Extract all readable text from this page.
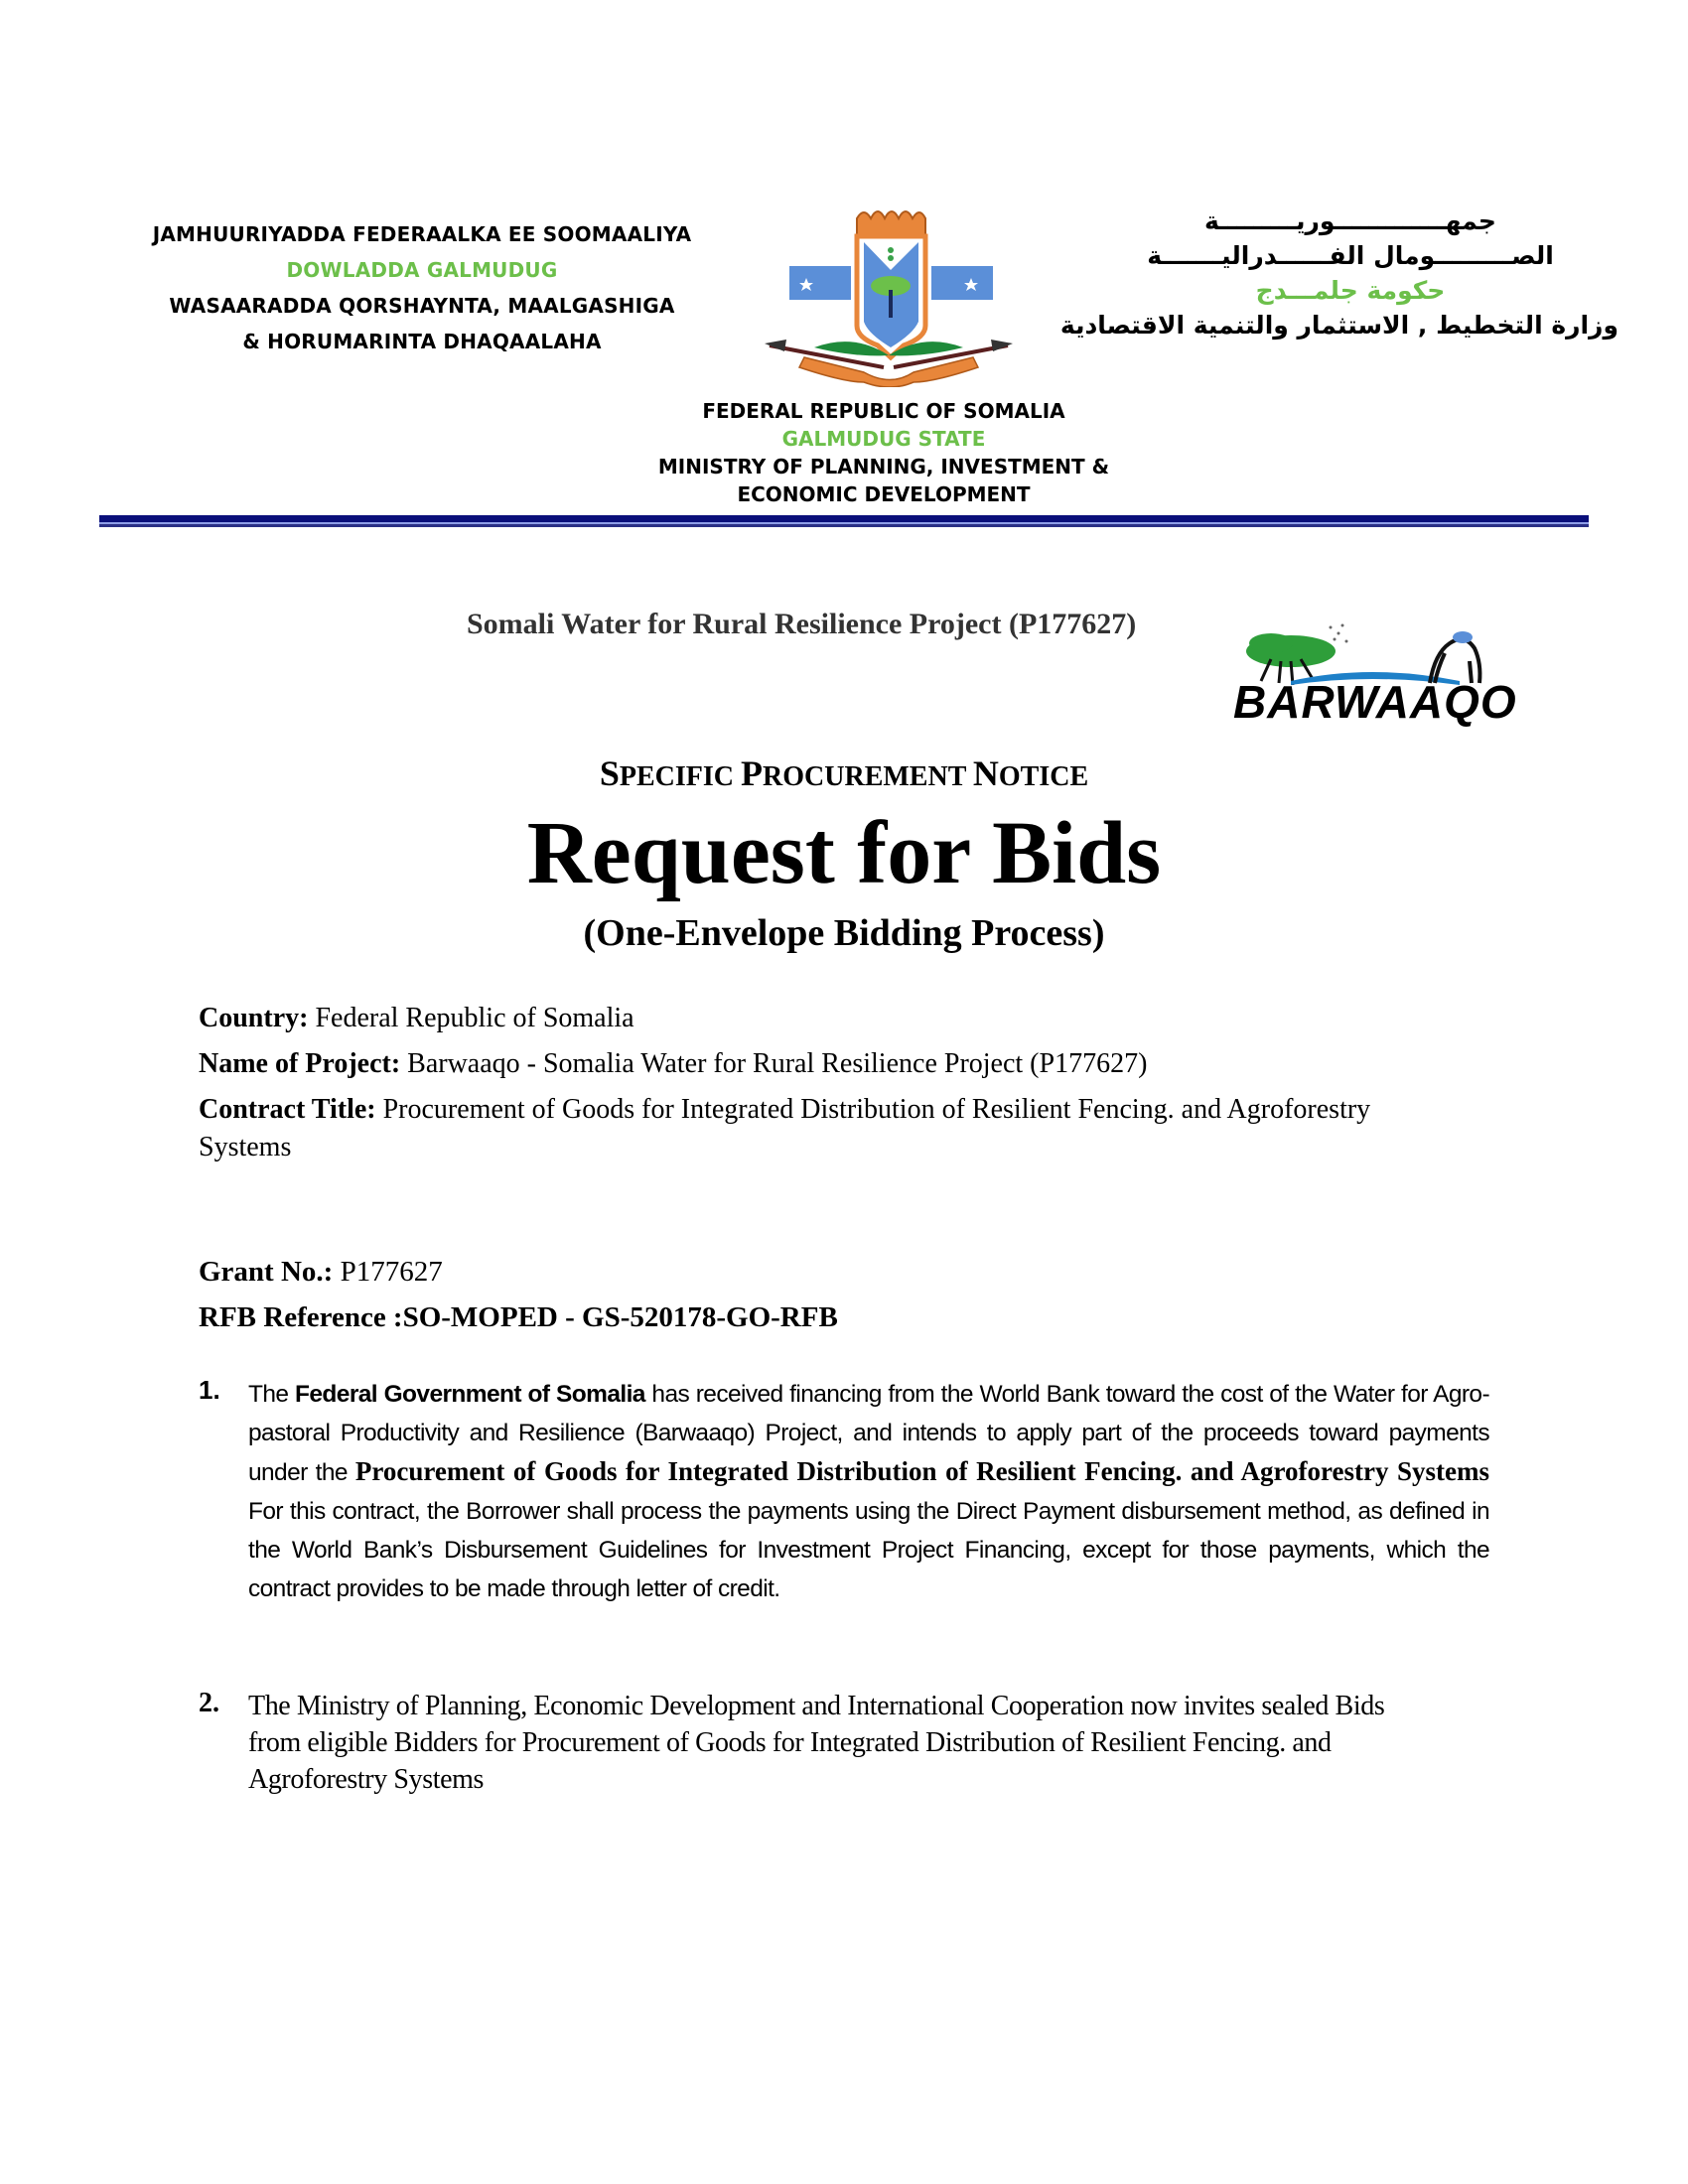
JAMHUURIYADDA FEDERAALKA EE SOOMAALIYA
DOWLADDA GALMUDUG
WASAARADDA QORSHAYNTA, MAALGASHIGA
& HORUMARINTA DHAQAALAHA
جمهـــــــــــــوريـــــــــة
الصـــــــــومال الفــــــدراليـــــــة
حكومة جلمـــدج
وزارة التخطيط , الاستثمار والتنمية الاقتصادية
FEDERAL REPUBLIC OF SOMALIA
GALMUDUG STATE
MINISTRY OF PLANNING, INVESTMENT &
ECONOMIC DEVELOPMENT
Somali Water for Rural Resilience Project (P177627)
BARWAAQO
SPECIFIC PROCUREMENT NOTICE
Request for Bids
(One-Envelope Bidding Process)
Country: Federal Republic of Somalia
Name of Project: Barwaaqo - Somalia Water for Rural Resilience Project (P177627)
Contract Title: Procurement of Goods for Integrated Distribution of Resilient Fencing. and Agroforestry Systems
Grant No.: P177627
RFB Reference :SO-MOPED - GS-520178-GO-RFB
1. The Federal Government of Somalia has received financing from the World Bank toward the cost of the Water for Agro-pastoral Productivity and Resilience (Barwaaqo) Project, and intends to apply part of the proceeds toward payments under the Procurement of Goods for Integrated Distribution of Resilient Fencing. and Agroforestry Systems For this contract, the Borrower shall process the payments using the Direct Payment disbursement method, as defined in the World Bank’s Disbursement Guidelines for Investment Project Financing, except for those payments, which the contract provides to be made through letter of credit.
2. The Ministry of Planning, Economic Development and International Cooperation now invites sealed Bids from eligible Bidders for Procurement of Goods for Integrated Distribution of Resilient Fencing. and Agroforestry Systems
